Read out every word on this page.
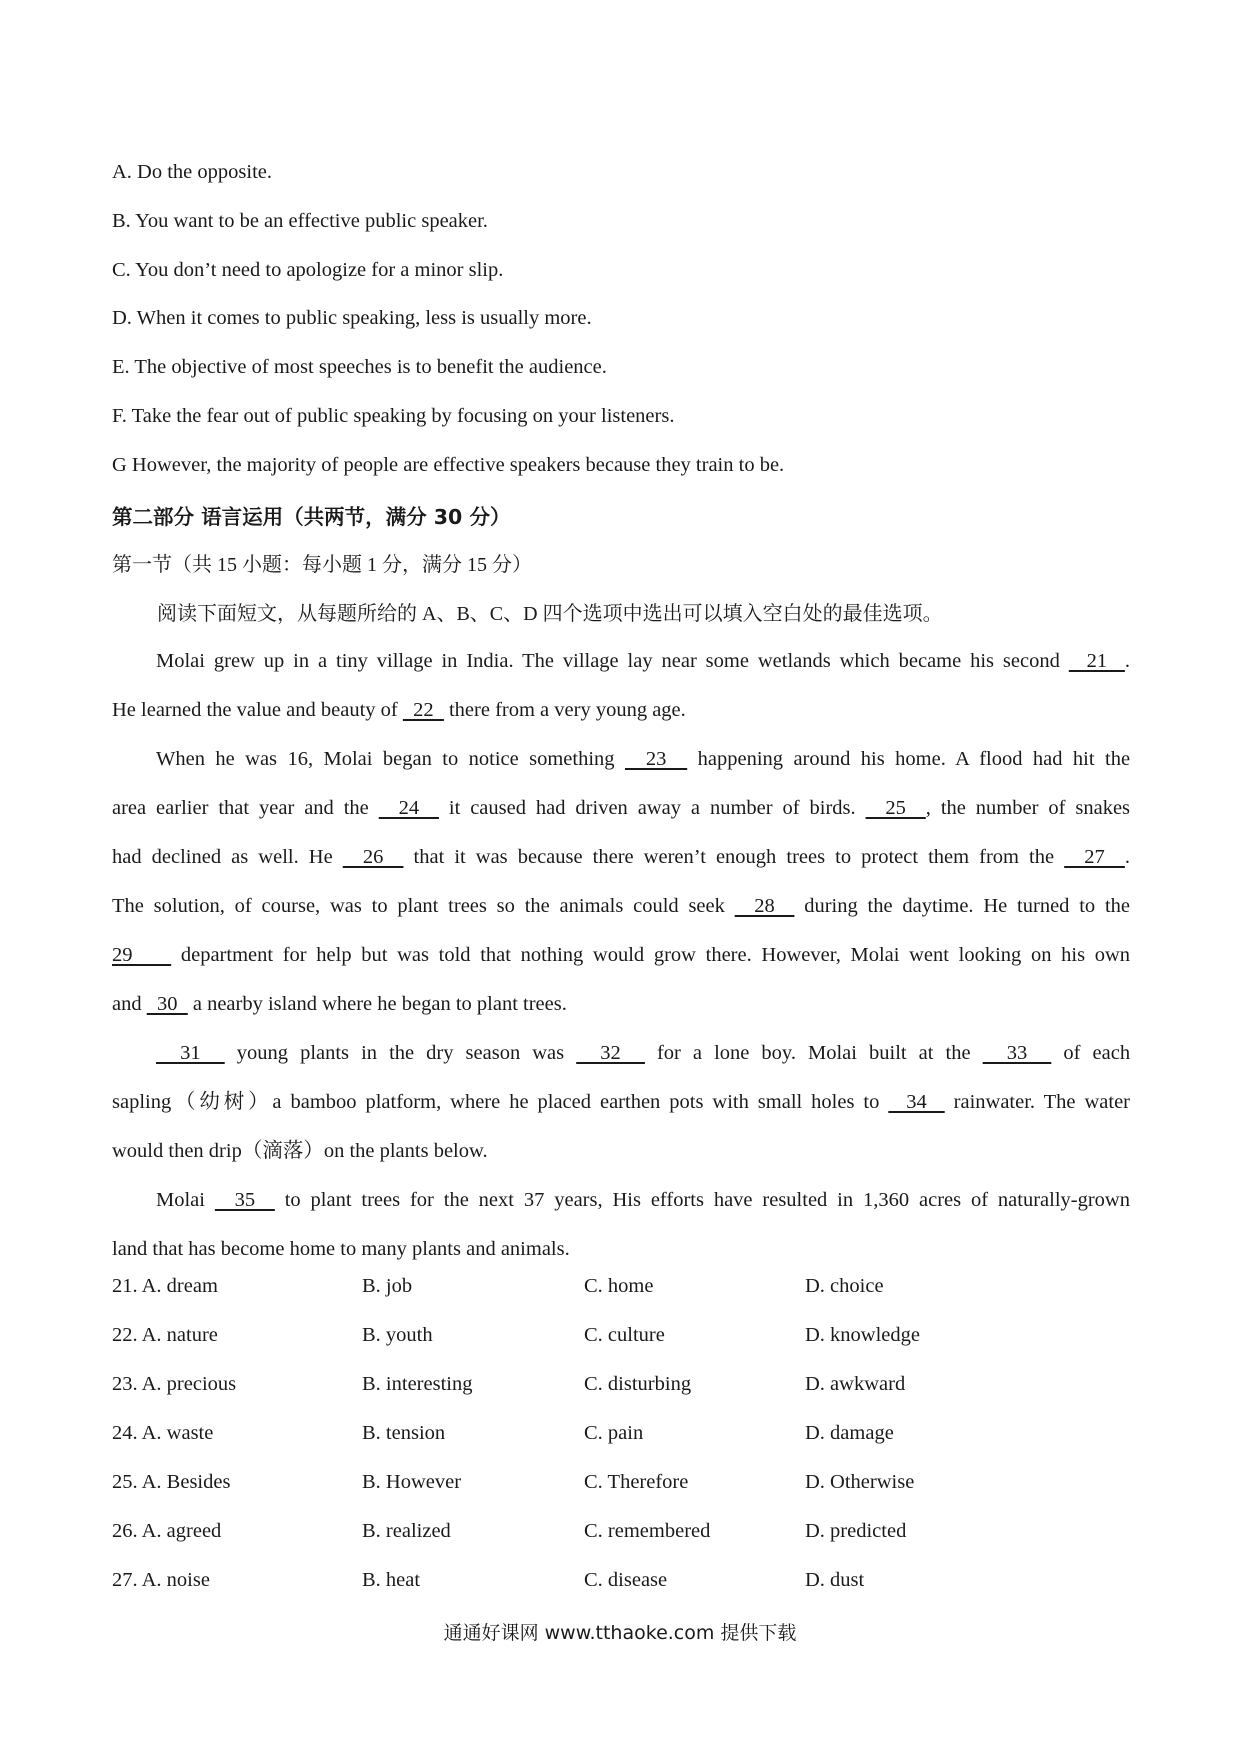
A. Do the opposite.
B. You want to be an effective public speaker.
C. You don’t need to apologize for a minor slip.
D. When it comes to public speaking, less is usually more.
E. The objective of most speeches is to benefit the audience.
F. Take the fear out of public speaking by focusing on your listeners.
G However, the majority of people are effective speakers because they train to be.
第二部分 语言运用（共两节，满分 30 分）
第一节（共 15 小题：每小题 1 分，满分 15 分）
阅读下面短文，从每题所给的 A、B、C、D 四个选项中选出可以填入空白处的最佳选项。
Molai grew up in a tiny village in India. The village lay near some wetlands which became his second   21  .
He learned the value and beauty of   22   there from a very young age.
When he was 16, Molai began to notice something   23   happening around his home. A flood had hit the
area earlier that year and the   24   it caused had driven away a number of birds.   25  , the number of snakes
had declined as well. He   26   that it was because there weren’t enough trees to protect them from the   27  .
The solution, of course, was to plant trees so the animals could seek   28   during the daytime. He turned to the
29     department for help but was told that nothing would grow there. However, Molai went looking on his own
and   30   a nearby island where he began to plant trees.
31   young plants in the dry season was   32   for a lone boy. Molai built at the   33   of each
sapling（幼树）a bamboo platform, where he placed earthen pots with small holes to   34   rainwater. The water
would then drip（滴落）on the plants below.
Molai   35   to plant trees for the next 37 years, His efforts have resulted in 1,360 acres of naturally-grown
land that has become home to many plants and animals.
21. A. dream	B. job	C. home	D. choice
22. A. nature	B. youth	C. culture	D. knowledge
23. A. precious	B. interesting	C. disturbing	D. awkward
24. A. waste	B. tension	C. pain	D. damage
25. A. Besides	B. However	C. Therefore	D. Otherwise
26. A. agreed	B. realized	C. remembered	D. predicted
27. A. noise	B. heat	C. disease	D. dust
通通好课网 www.tthaoke.com 提供下载
